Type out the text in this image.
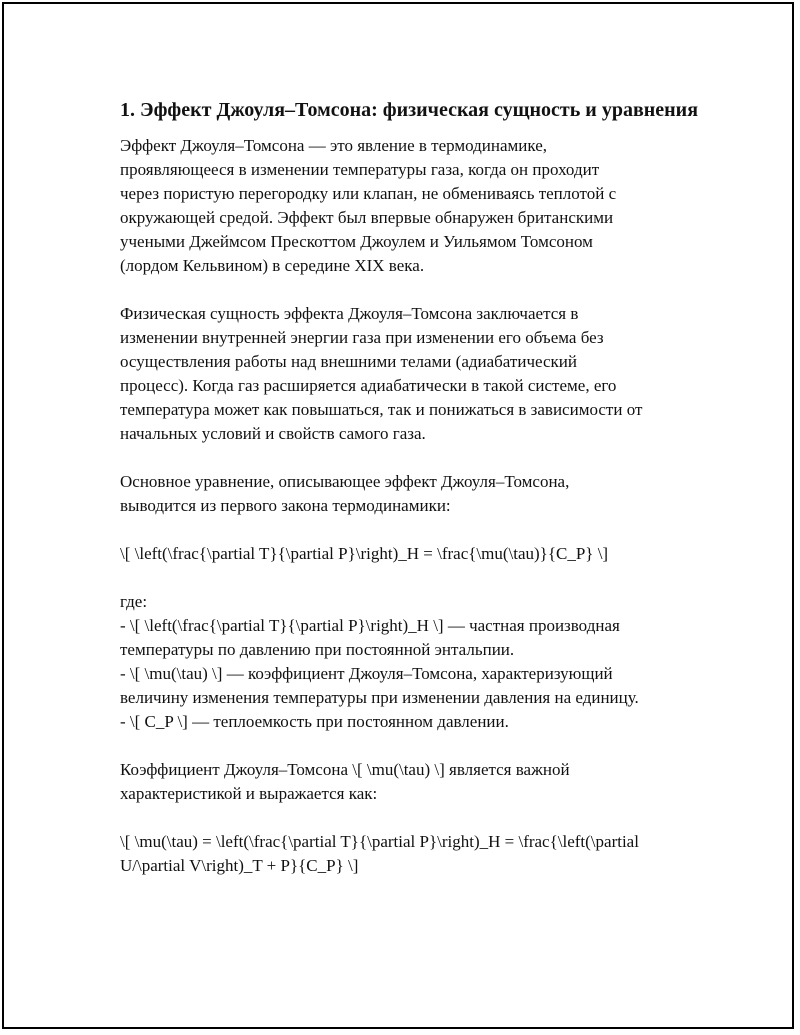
1. Эффект Джоуля–Томсона: физическая сущность и уравнения

Эффект Джоуля–Томсона — это явление в термодинамике,
проявляющееся в изменении температуры газа, когда он проходит
через пористую перегородку или клапан, не обмениваясь теплотой с
окружающей средой. Эффект был впервые обнаружен британскими
учеными Джеймсом Прескоттом Джоулем и Уильямом Томсоном
(лордом Кельвином) в середине XIX века.

Физическая сущность эффекта Джоуля–Томсона заключается в
изменении внутренней энергии газа при изменении его объема без
осуществления работы над внешними телами (адиабатический
процесс). Когда газ расширяется адиабатически в такой системе, его
температура может как повышаться, так и понижаться в зависимости от
начальных условий и свойств самого газа.

Основное уравнение, описывающее эффект Джоуля–Томсона,
выводится из первого закона термодинамики:

\[ \left(\frac{\partial T}{\partial P}\right)_H = \frac{\mu(\tau)}{C_P} \]

где:
- \[ \left(\frac{\partial T}{\partial P}\right)_H \] — частная производная
температуры по давлению при постоянной энтальпии.
- \[ \mu(\tau) \] — коэффициент Джоуля–Томсона, характеризующий
величину изменения температуры при изменении давления на единицу.
- \[ C_P \] — теплоемкость при постоянном давлении.

Коэффициент Джоуля–Томсона \[ \mu(\tau) \] является важной
характеристикой и выражается как:

\[ \mu(\tau) = \left(\frac{\partial T}{\partial P}\right)_H = \frac{\left(\partial
U/\partial V\right)_T + P}{C_P} \]
